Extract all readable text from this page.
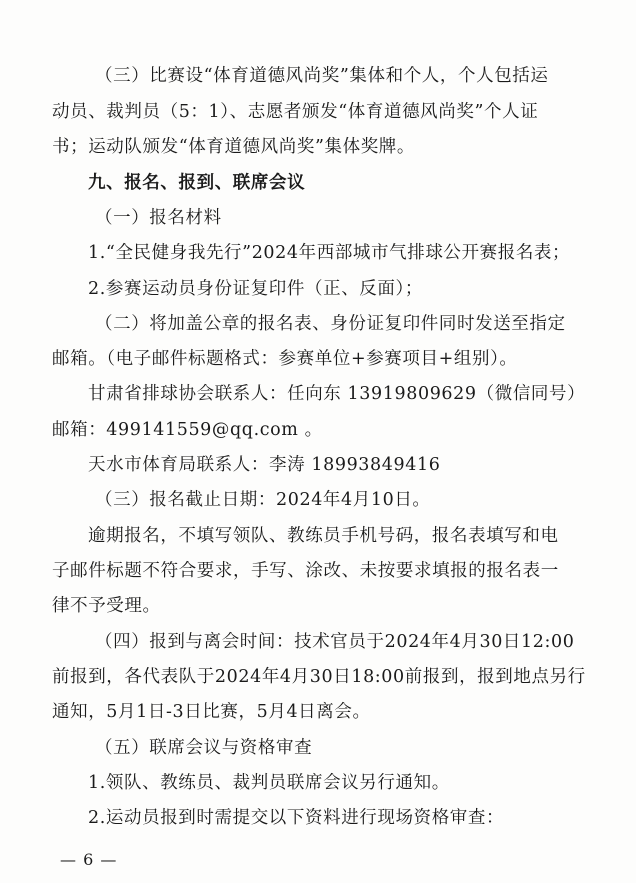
（三）比赛设“体育道德风尚奖”集体和个人，个人包括运
动员、裁判员（5：1）、志愿者颁发“体育道德风尚奖”个人证
书；运动队颁发“体育道德风尚奖”集体奖牌。
九、报名、报到、联席会议
（一）报名材料
1.“全民健身我先行”2024年西部城市气排球公开赛报名表；
2.参赛运动员身份证复印件（正、反面）；
（二）将加盖公章的报名表、身份证复印件同时发送至指定
邮箱。（电子邮件标题格式：参赛单位+参赛项目+组别）。
甘肃省排球协会联系人：任向东 13919809629（微信同号）
邮箱：499141559@qq.com 。
天水市体育局联系人：李涛 18993849416
（三）报名截止日期：2024年4月10日。
逾期报名，不填写领队、教练员手机号码，报名表填写和电
子邮件标题不符合要求，手写、涂改、未按要求填报的报名表一
律不予受理。
（四）报到与离会时间：技术官员于2024年4月30日12:00
前报到，各代表队于2024年4月30日18:00前报到，报到地点另行
通知，5月1日-3日比赛，5月4日离会。
（五）联席会议与资格审查
1.领队、教练员、裁判员联席会议另行通知。
2.运动员报到时需提交以下资料进行现场资格审查：
— 6 —
